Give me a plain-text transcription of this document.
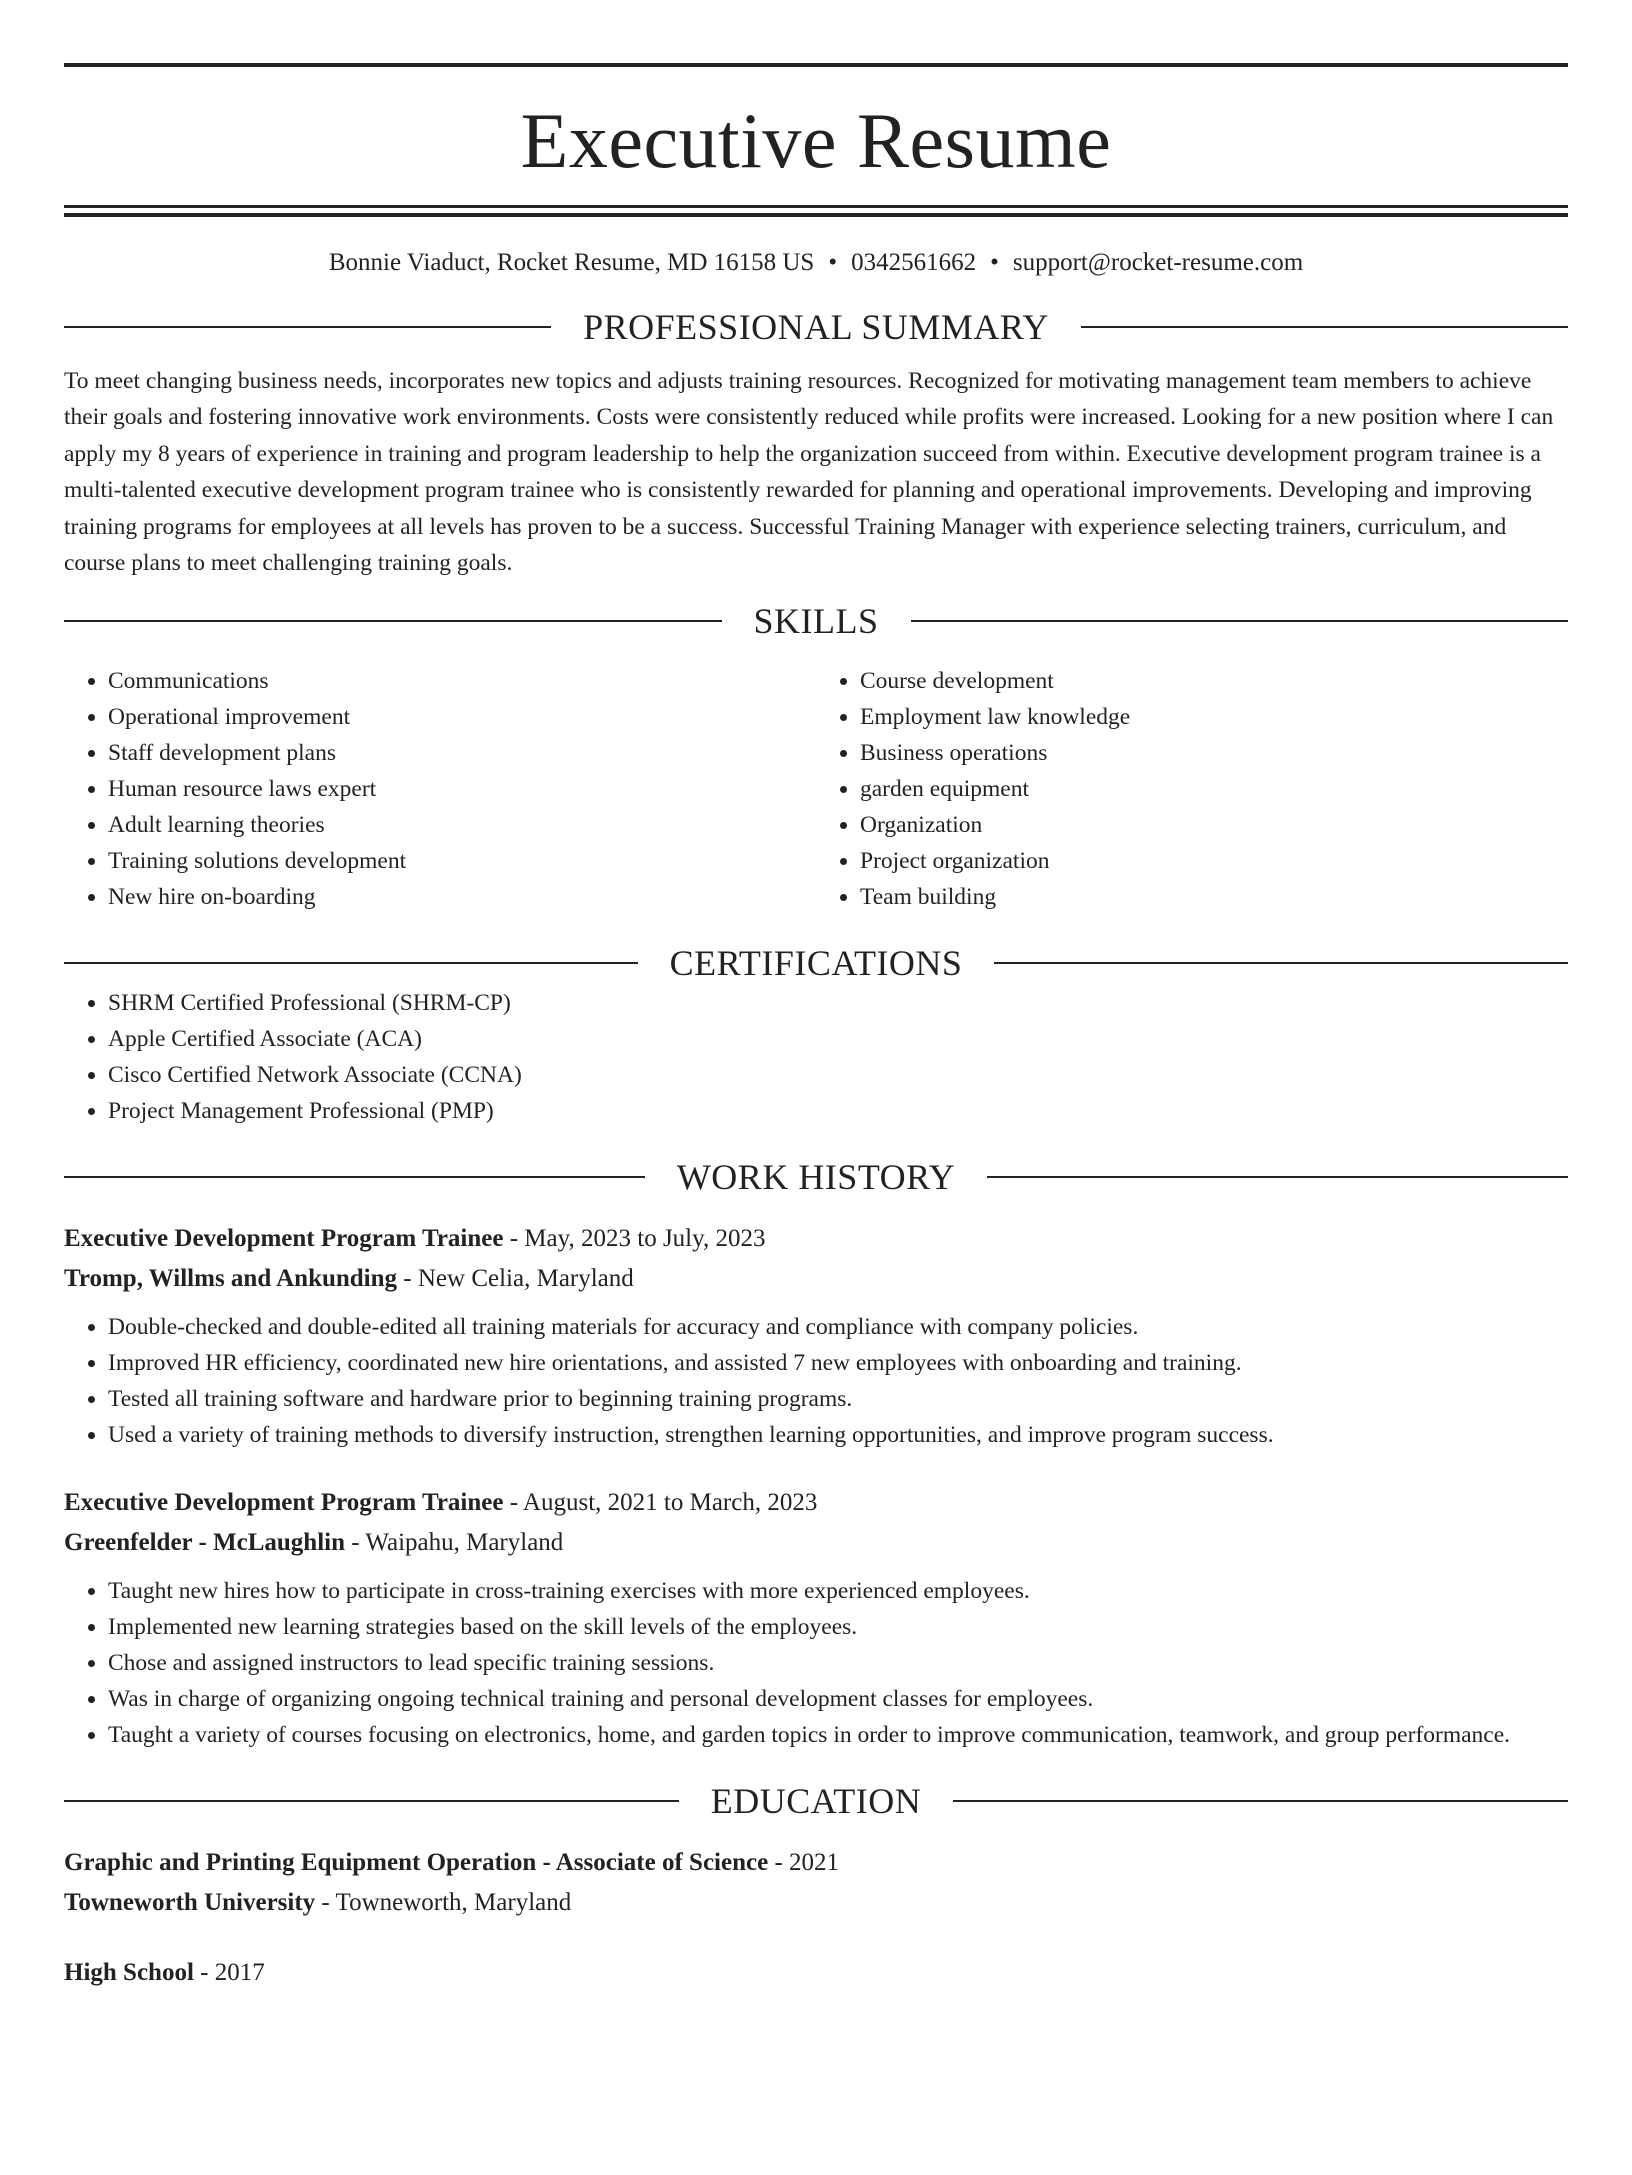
Executive Resume
Bonnie Viaduct, Rocket Resume, MD 16158 US • 0342561662 • support@rocket-resume.com
PROFESSIONAL SUMMARY
To meet changing business needs, incorporates new topics and adjusts training resources. Recognized for motivating management team members to achieve their goals and fostering innovative work environments. Costs were consistently reduced while profits were increased. Looking for a new position where I can apply my 8 years of experience in training and program leadership to help the organization succeed from within. Executive development program trainee is a multi-talented executive development program trainee who is consistently rewarded for planning and operational improvements. Developing and improving training programs for employees at all levels has proven to be a success. Successful Training Manager with experience selecting trainers, curriculum, and course plans to meet challenging training goals.
SKILLS
• Communications
• Operational improvement
• Staff development plans
• Human resource laws expert
• Adult learning theories
• Training solutions development
• New hire on-boarding
• Course development
• Employment law knowledge
• Business operations
• garden equipment
• Organization
• Project organization
• Team building
CERTIFICATIONS
• SHRM Certified Professional (SHRM-CP)
• Apple Certified Associate (ACA)
• Cisco Certified Network Associate (CCNA)
• Project Management Professional (PMP)
WORK HISTORY
Executive Development Program Trainee - May, 2023 to July, 2023
Tromp, Willms and Ankunding - New Celia, Maryland
• Double-checked and double-edited all training materials for accuracy and compliance with company policies.
• Improved HR efficiency, coordinated new hire orientations, and assisted 7 new employees with onboarding and training.
• Tested all training software and hardware prior to beginning training programs.
• Used a variety of training methods to diversify instruction, strengthen learning opportunities, and improve program success.
Executive Development Program Trainee - August, 2021 to March, 2023
Greenfelder - McLaughlin - Waipahu, Maryland
• Taught new hires how to participate in cross-training exercises with more experienced employees.
• Implemented new learning strategies based on the skill levels of the employees.
• Chose and assigned instructors to lead specific training sessions.
• Was in charge of organizing ongoing technical training and personal development classes for employees.
• Taught a variety of courses focusing on electronics, home, and garden topics in order to improve communication, teamwork, and group performance.
EDUCATION
Graphic and Printing Equipment Operation - Associate of Science - 2021
Towneworth University - Towneworth, Maryland
High School - 2017
